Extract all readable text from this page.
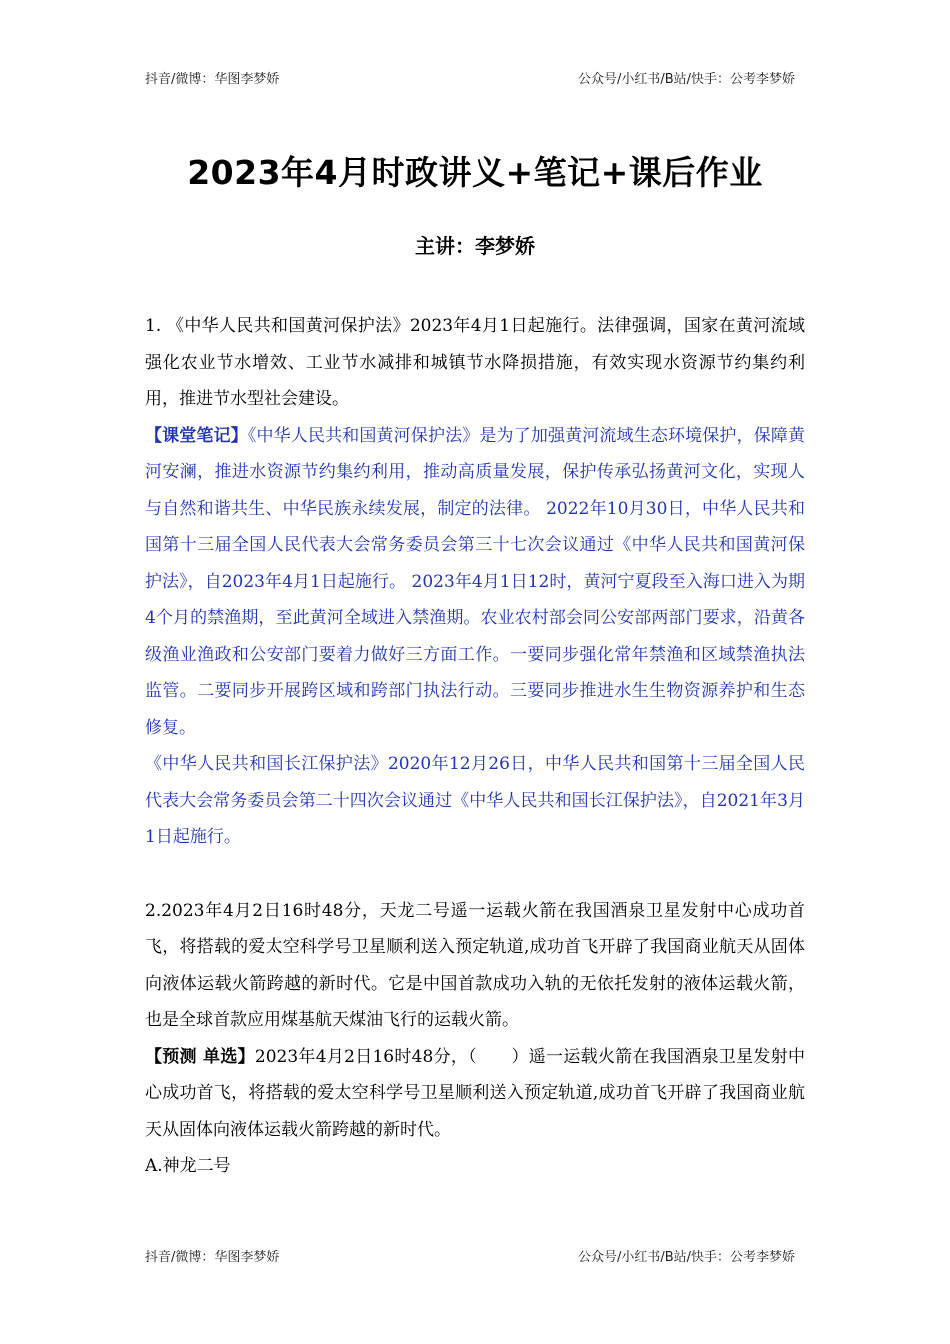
抖音/微博：华图李梦娇	公众号/小红书/B站/快手：公考李梦娇
2023年4月时政讲义+笔记+课后作业
主讲：李梦娇

1. 《中华人民共和国黄河保护法》2023年4月1日起施行。法律强调，国家在黄河流域强化农业节水增效、工业节水减排和城镇节水降损措施，有效实现水资源节约集约利用，推进节水型社会建设。

【课堂笔记】《中华人民共和国黄河保护法》是为了加强黄河流域生态环境保护，保障黄河安澜，推进水资源节约集约利用，推动高质量发展，保护传承弘扬黄河文化，实现人与自然和谐共生、中华民族永续发展，制定的法律。 2022年10月30日，中华人民共和国第十三届全国人民代表大会常务委员会第三十七次会议通过《中华人民共和国黄河保护法》，自2023年4月1日起施行。 2023年4月1日12时，黄河宁夏段至入海口进入为期4个月的禁渔期，至此黄河全域进入禁渔期。农业农村部会同公安部两部门要求，沿黄各级渔业渔政和公安部门要着力做好三方面工作。一要同步强化常年禁渔和区域禁渔执法监管。二要同步开展跨区域和跨部门执法行动。三要同步推进水生生物资源养护和生态修复。

《中华人民共和国长江保护法》2020年12月26日，中华人民共和国第十三届全国人民代表大会常务委员会第二十四次会议通过《中华人民共和国长江保护法》，自2021年3月1日起施行。

2.2023年4月2日16时48分，天龙二号遥一运载火箭在我国酒泉卫星发射中心成功首飞，将搭载的爱太空科学号卫星顺利送入预定轨道,成功首飞开辟了我国商业航天从固体向液体运载火箭跨越的新时代。它是中国首款成功入轨的无依托发射的液体运载火箭，也是全球首款应用煤基航天煤油飞行的运载火箭。

【预测 单选】2023年4月2日16时48分，（　　）遥一运载火箭在我国酒泉卫星发射中心成功首飞，将搭载的爱太空科学号卫星顺利送入预定轨道,成功首飞开辟了我国商业航天从固体向液体运载火箭跨越的新时代。

A.神龙二号

抖音/微博：华图李梦娇	公众号/小红书/B站/快手：公考李梦娇
